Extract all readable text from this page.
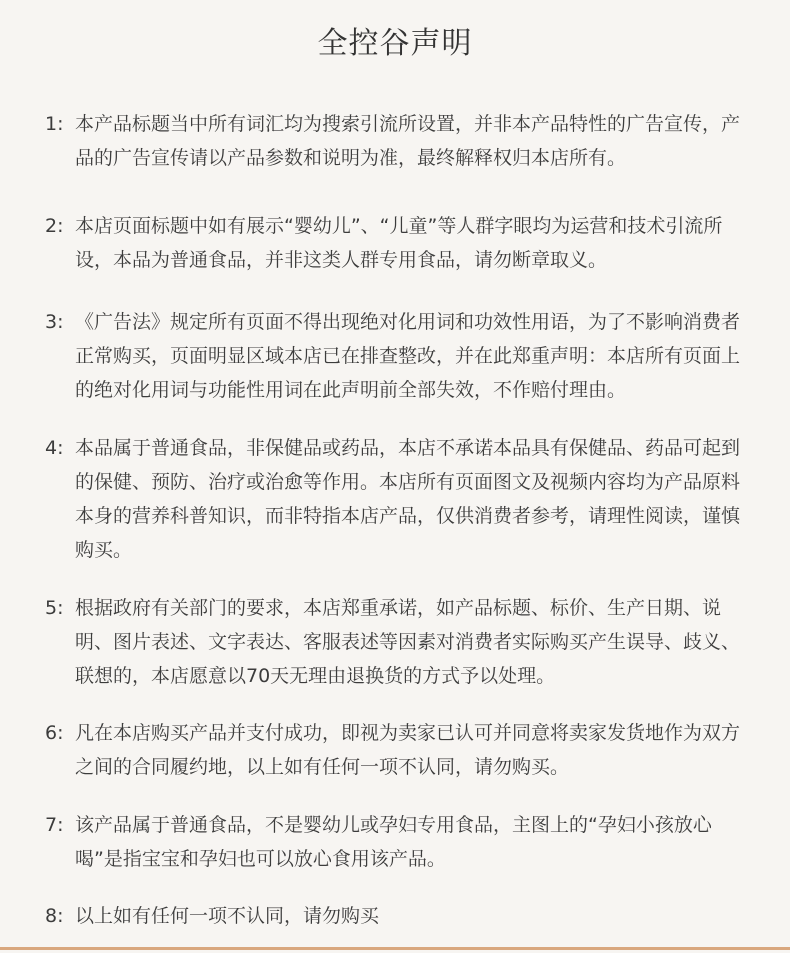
全控谷声明
1: 本产品标题当中所有词汇均为搜索引流所设置，并非本产品特性的广告宣传，产品的广告宣传请以产品参数和说明为准，最终解释权归本店所有。
2: 本店页面标题中如有展示“婴幼儿”、“儿童”等人群字眼均为运营和技术引流所设，本品为普通食品，并非这类人群专用食品，请勿断章取义。
3: 《广告法》规定所有页面不得出现绝对化用词和功效性用语，为了不影响消费者正常购买，页面明显区域本店已在排查整改，并在此郑重声明：本店所有页面上的绝对化用词与功能性用词在此声明前全部失效，不作赔付理由。
4: 本品属于普通食品，非保健品或药品，本店不承诺本品具有保健品、药品可起到的保健、预防、治疗或治愈等作用。本店所有页面图文及视频内容均为产品原料本身的营养科普知识，而非特指本店产品，仅供消费者参考，请理性阅读，谨慎购买。
5: 根据政府有关部门的要求，本店郑重承诺，如产品标题、标价、生产日期、说明、图片表述、文字表达、客服表述等因素对消费者实际购买产生误导、歧义、联想的，本店愿意以70天无理由退换货的方式予以处理。
6: 凡在本店购买产品并支付成功，即视为卖家已认可并同意将卖家发货地作为双方之间的合同履约地，以上如有任何一项不认同，请勿购买。
7: 该产品属于普通食品，不是婴幼儿或孕妇专用食品，主图上的“孕妇小孩放心喝”是指宝宝和孕妇也可以放心食用该产品。
8: 以上如有任何一项不认同，请勿购买
